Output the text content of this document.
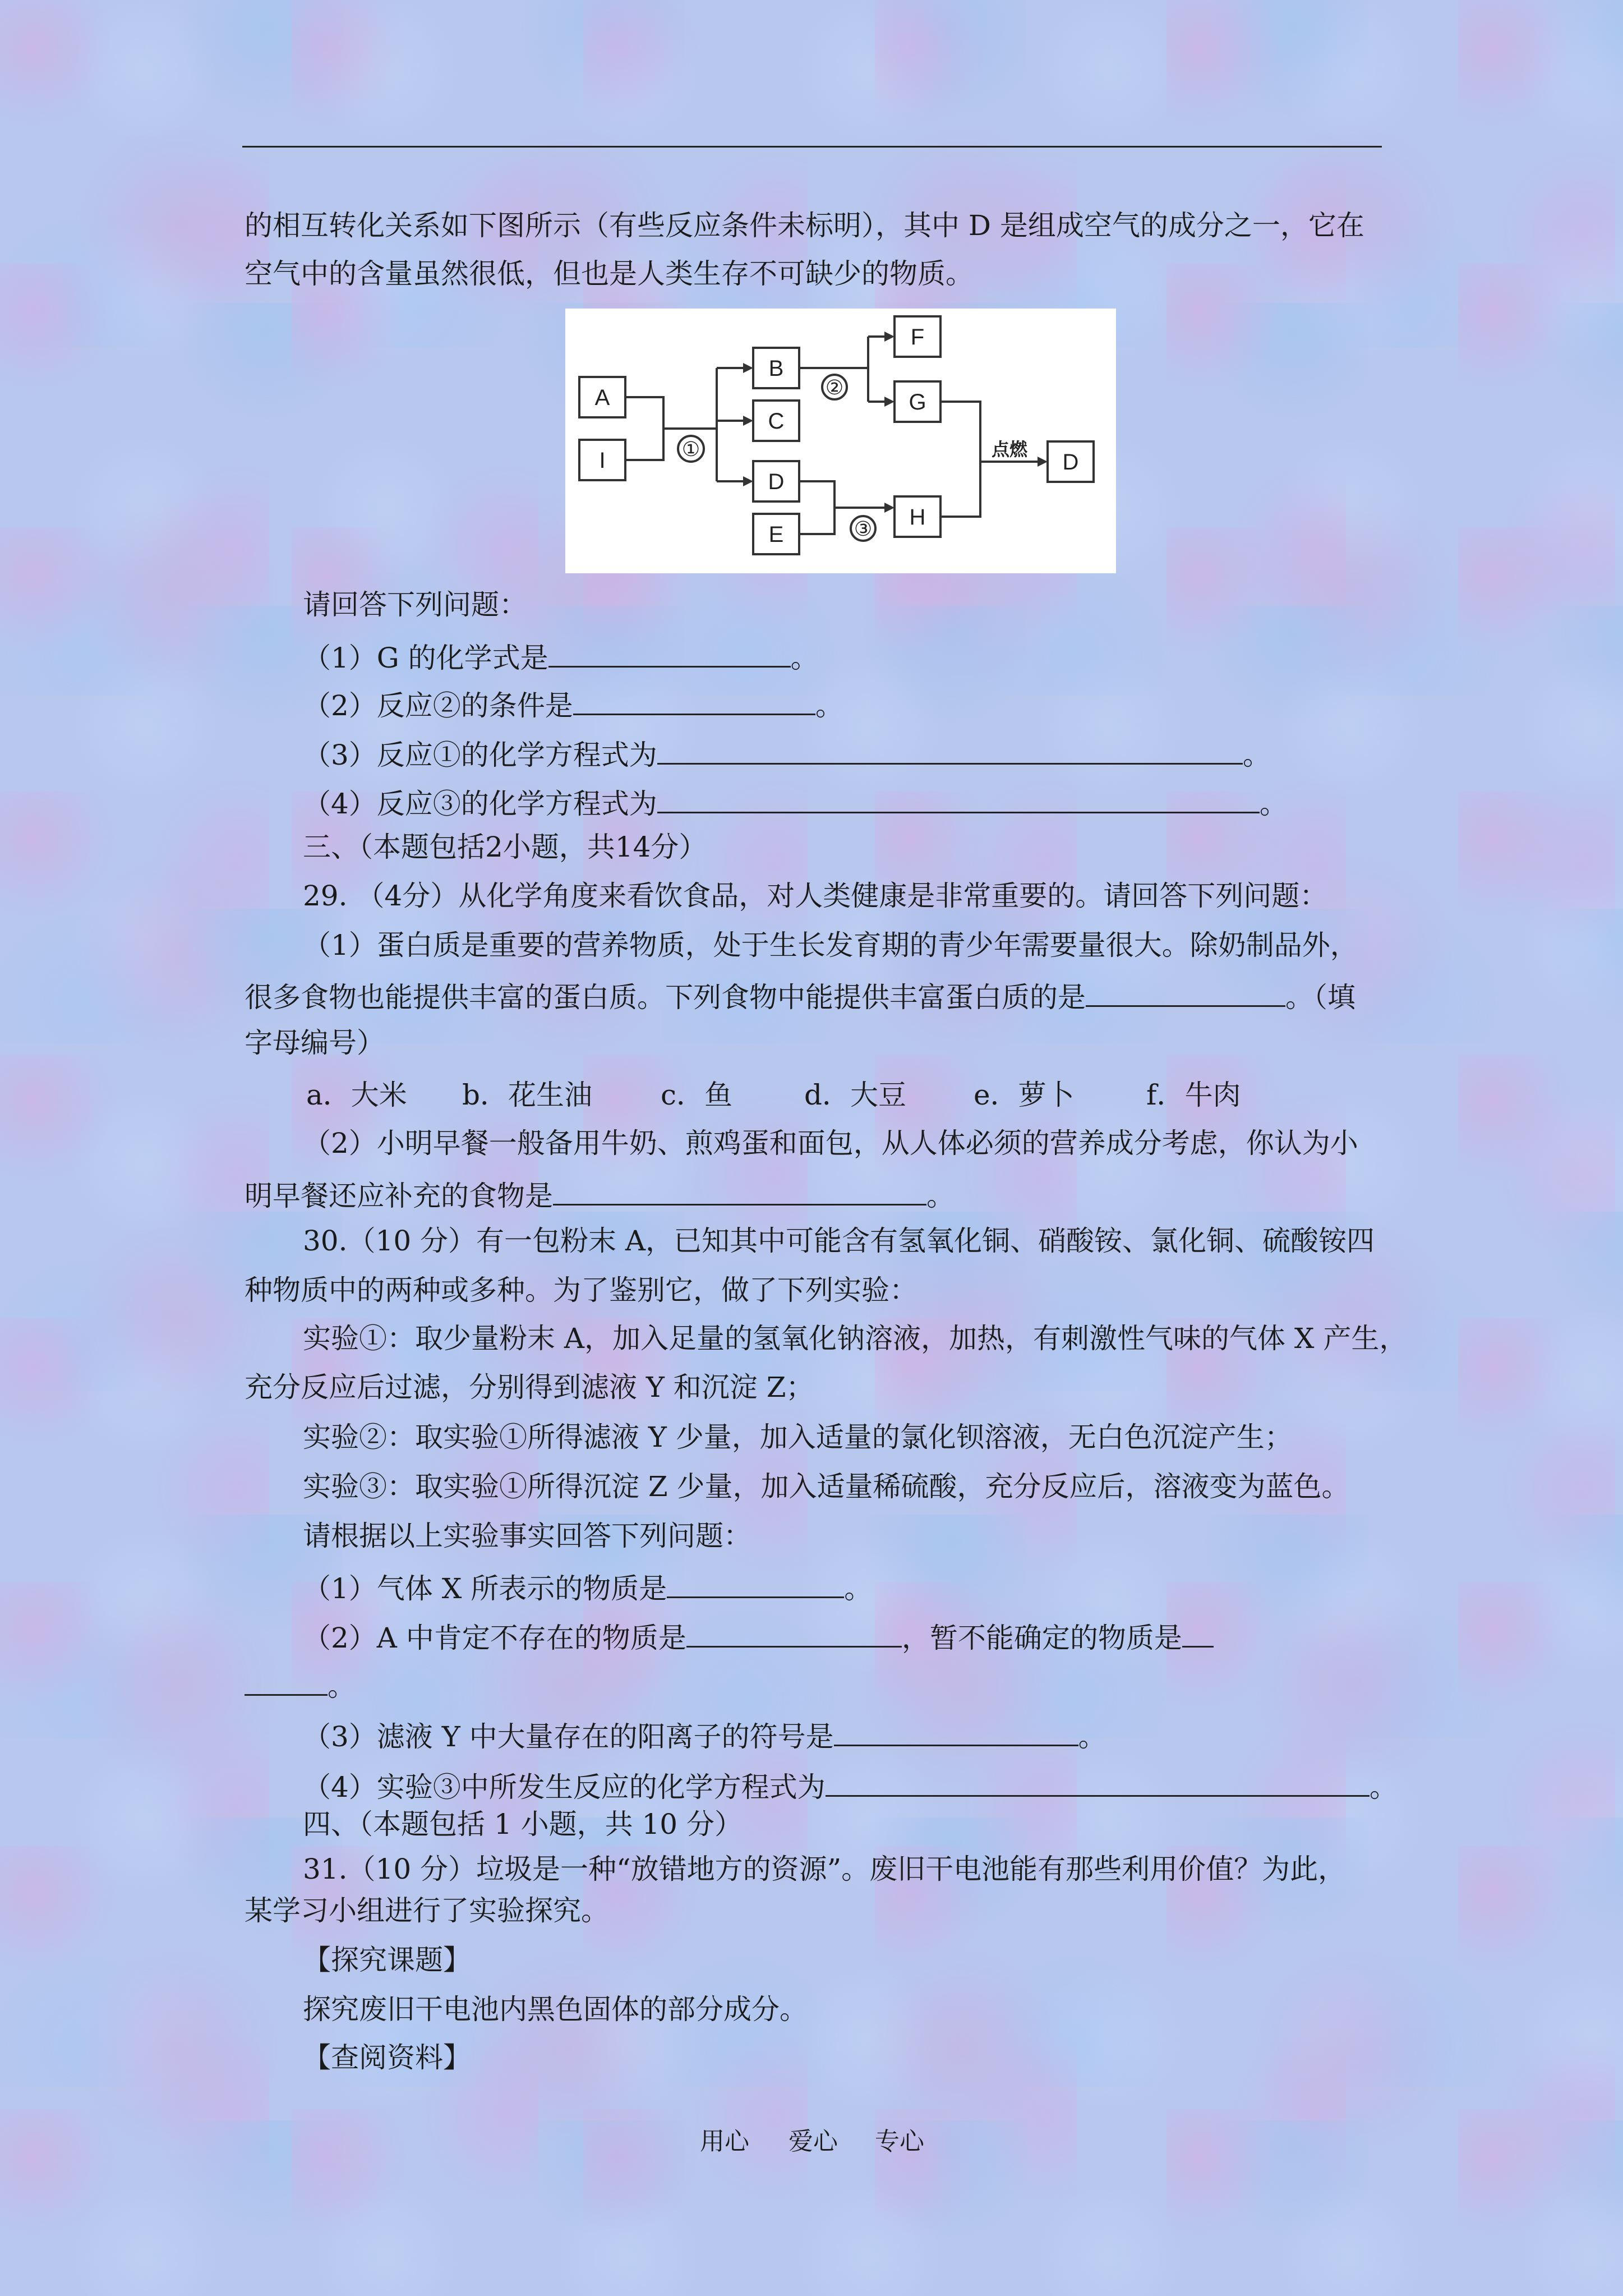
的相互转化关系如下图所示（有些反应条件未标明），其中 D 是组成空气的成分之一，它在
空气中的含量虽然很低，但也是人类生存不可缺少的物质。
A
I
B
C
D
E
F
G
H
D
①
②
③
点燃
请回答下列问题：
（1）G 的化学式是	。
（2）反应②的条件是	。
（3）反应①的化学方程式为	。
（4）反应③的化学方程式为	。
三、（本题包括2小题，共14分）
29. （4分）从化学角度来看饮食品，对人类健康是非常重要的。请回答下列问题：
（1）蛋白质是重要的营养物质，处于生长发育期的青少年需要量很大。除奶制品外，
很多食物也能提供丰富的蛋白质。下列食物中能提供丰富蛋白质的是	。（填
字母编号）
a．大米 b．花生油 c．鱼	d．大豆 e．萝卜	f．牛肉
（2）小明早餐一般备用牛奶、煎鸡蛋和面包，从人体必须的营养成分考虑，你认为小
明早餐还应补充的食物是	。
30.（10 分）有一包粉末 A，已知其中可能含有氢氧化铜、硝酸铵、氯化铜、硫酸铵四
种物质中的两种或多种。为了鉴别它，做了下列实验：
实验①：取少量粉末 A，加入足量的氢氧化钠溶液，加热，有刺激性气味的气体 X 产生，
充分反应后过滤，分别得到滤液 Y 和沉淀 Z；
实验②：取实验①所得滤液 Y 少量，加入适量的氯化钡溶液，无白色沉淀产生；
实验③：取实验①所得沉淀 Z 少量，加入适量稀硫酸，充分反应后，溶液变为蓝色。
请根据以上实验事实回答下列问题：
（1）气体 X 所表示的物质是	。
（2）A 中肯定不存在的物质是	，暂不能确定的物质是
。
（3）滤液 Y 中大量存在的阳离子的符号是	。
（4）实验③中所发生反应的化学方程式为	。
四、（本题包括 1 小题，共 10 分）
31.（10 分）垃圾是一种“放错地方的资源”。废旧干电池能有那些利用价值？为此，
某学习小组进行了实验探究。
【探究课题】
探究废旧干电池内黑色固体的部分成分。
【查阅资料】
用心 爱心 专心
